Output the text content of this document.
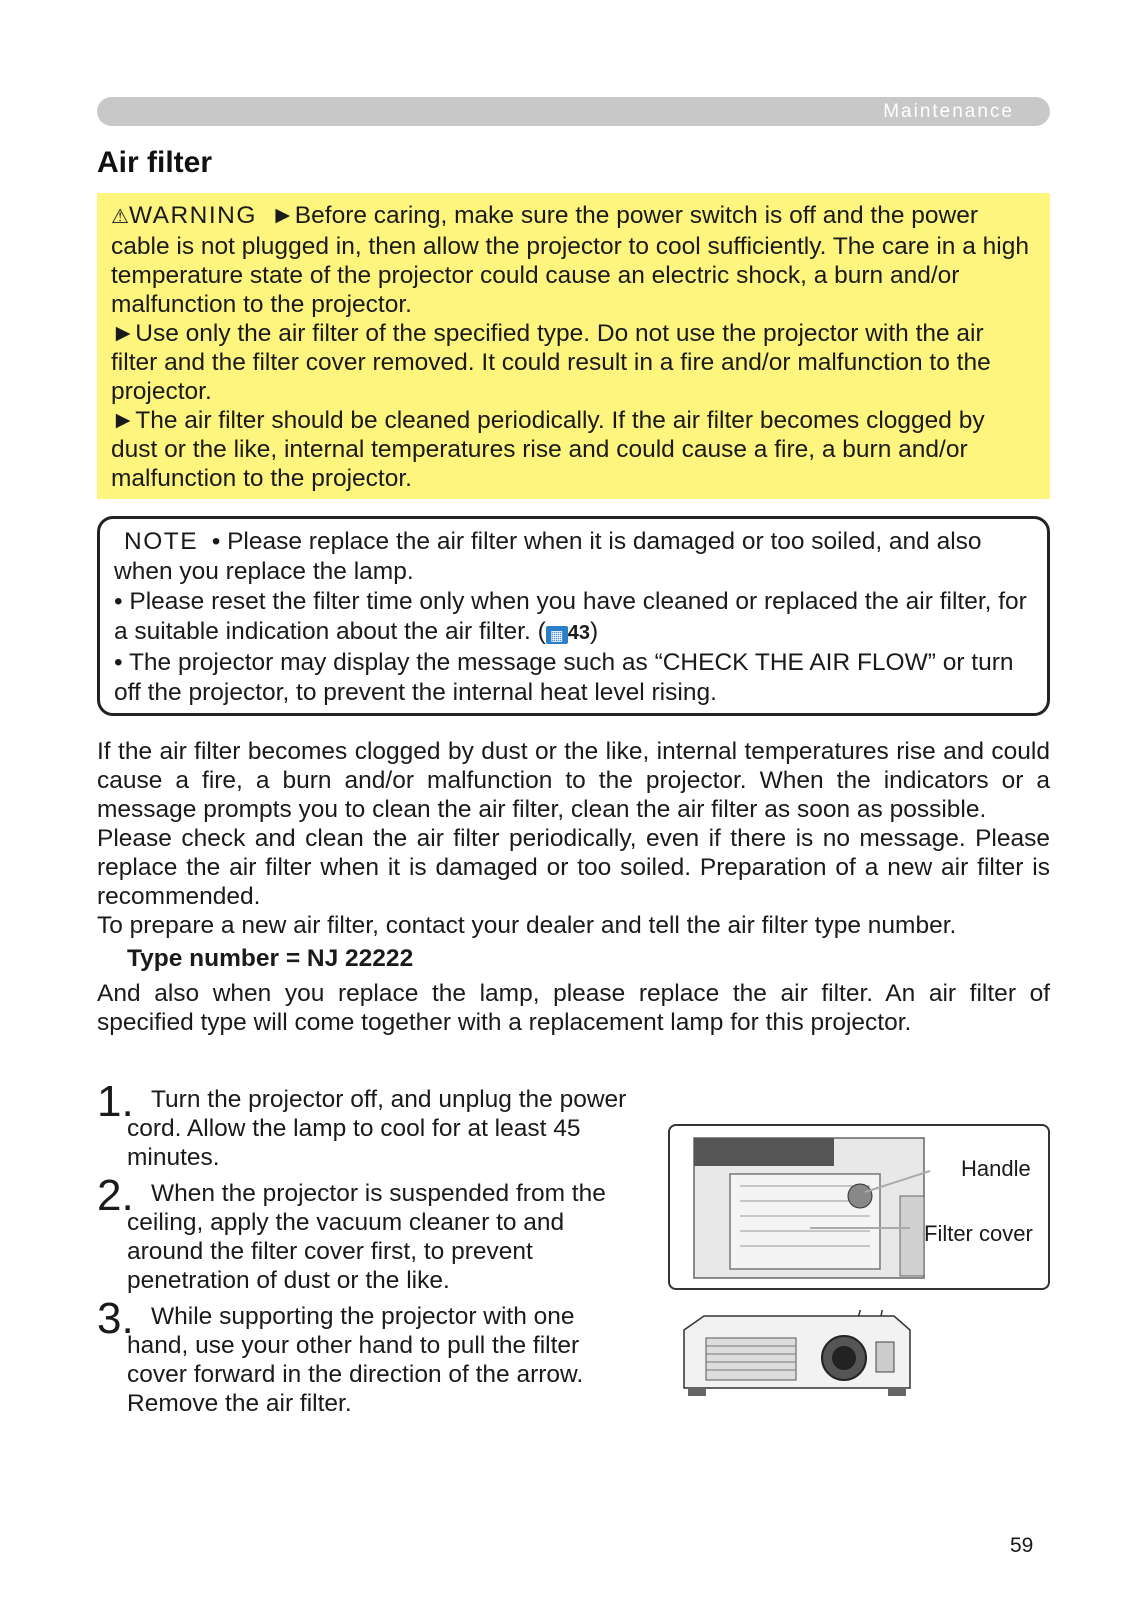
Maintenance
Air filter

⚠WARNING ►Before caring, make sure the power switch is off and the power cable is not plugged in, then allow the projector to cool sufficiently. The care in a high temperature state of the projector could cause an electric shock, a burn and/or malfunction to the projector.

►Use only the air filter of the specified type. Do not use the projector with the air filter and the filter cover removed. It could result in a fire and/or malfunction to the projector.

►The air filter should be cleaned periodically. If the air filter becomes clogged by dust or the like, internal temperatures rise and could cause a fire, a burn and/or malfunction to the projector.

NOTE • Please replace the air filter when it is damaged or too soiled, and also when you replace the lamp.

• Please reset the filter time only when you have cleaned or replaced the air filter, for a suitable indication about the air filter. ( ▦ 43)

• The projector may display the message such as “CHECK THE AIR FLOW” or turn off the projector, to prevent the internal heat level rising.

If the air filter becomes clogged by dust or the like, internal temperatures rise and could cause a fire, a burn and/or malfunction to the projector. When the indicators or a message prompts you to clean the air filter, clean the air filter as soon as possible.

Please check and clean the air filter periodically, even if there is no message. Please replace the air filter when it is damaged or too soiled. Preparation of a new air filter is recommended.

To prepare a new air filter, contact your dealer and tell the air filter type number.

Type number = NJ 22222

And also when you replace the lamp, please replace the air filter. An air filter of specified type will come together with a replacement lamp for this projector.

1. Turn the projector off, and unplug the power cord. Allow the lamp to cool for at least 45 minutes.
2. When the projector is suspended from the ceiling, apply the vacuum cleaner to and around the filter cover first, to prevent penetration of dust or the like.
3. While supporting the projector with one hand, use your other hand to pull the filter cover forward in the direction of the arrow. Remove the air filter.
Handle
Filter cover
59
